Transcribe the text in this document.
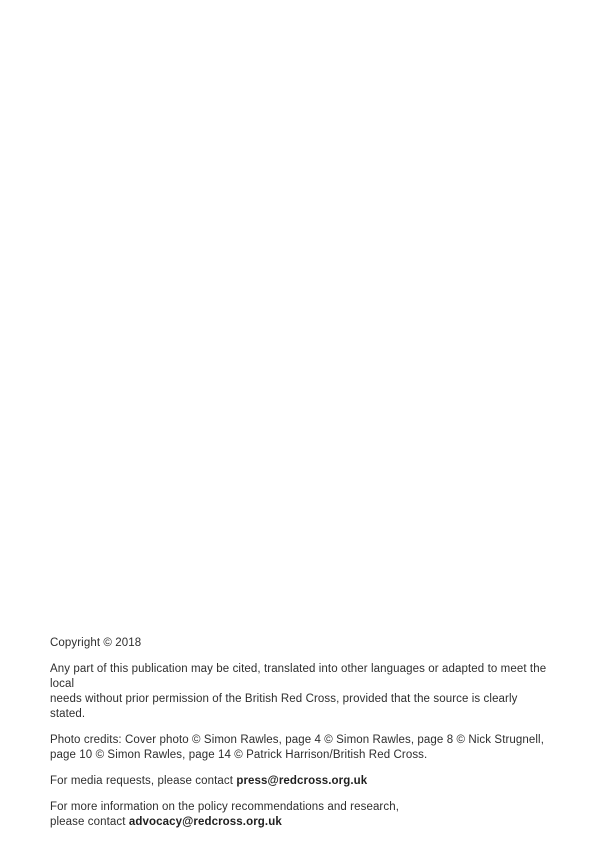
Copyright © 2018

Any part of this publication may be cited, translated into other languages or adapted to meet the local
needs without prior permission of the British Red Cross, provided that the source is clearly stated.

Photo credits: Cover photo © Simon Rawles, page 4 © Simon Rawles, page 8 © Nick Strugnell,
page 10 © Simon Rawles, page 14 © Patrick Harrison/British Red Cross.

For media requests, please contact press@redcross.org.uk

For more information on the policy recommendations and research,
please contact advocacy@redcross.org.uk
